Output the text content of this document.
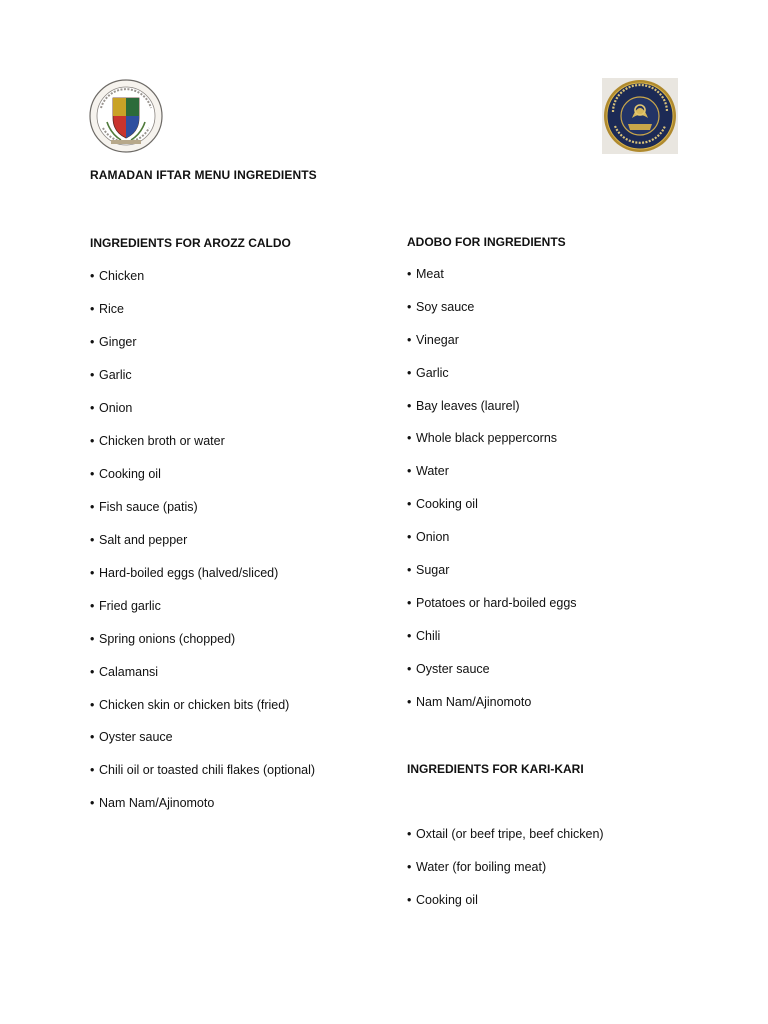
RAMADAN IFTAR MENU INGREDIENTS
INGREDIENTS FOR AROZZ CALDO
• Chicken
• Rice
• Ginger
• Garlic
• Onion
• Chicken broth or water
• Cooking oil
• Fish sauce (patis)
• Salt and pepper
• Hard-boiled eggs (halved/sliced)
• Fried garlic
• Spring onions (chopped)
• Calamansi
• Chicken skin or chicken bits (fried)
• Oyster sauce
• Chili oil or toasted chili flakes (optional)
• Nam Nam/Ajinomoto
ADOBO FOR INGREDIENTS
• Meat
• Soy sauce
• Vinegar
• Garlic
• Bay leaves (laurel)
• Whole black peppercorns
• Water
• Cooking oil
• Onion
• Sugar
• Potatoes or hard-boiled eggs
• Chili
• Oyster sauce
• Nam Nam/Ajinomoto
INGREDIENTS FOR KARI-KARI
• Oxtail (or beef tripe, beef chicken)
• Water (for boiling meat)
• Cooking oil
